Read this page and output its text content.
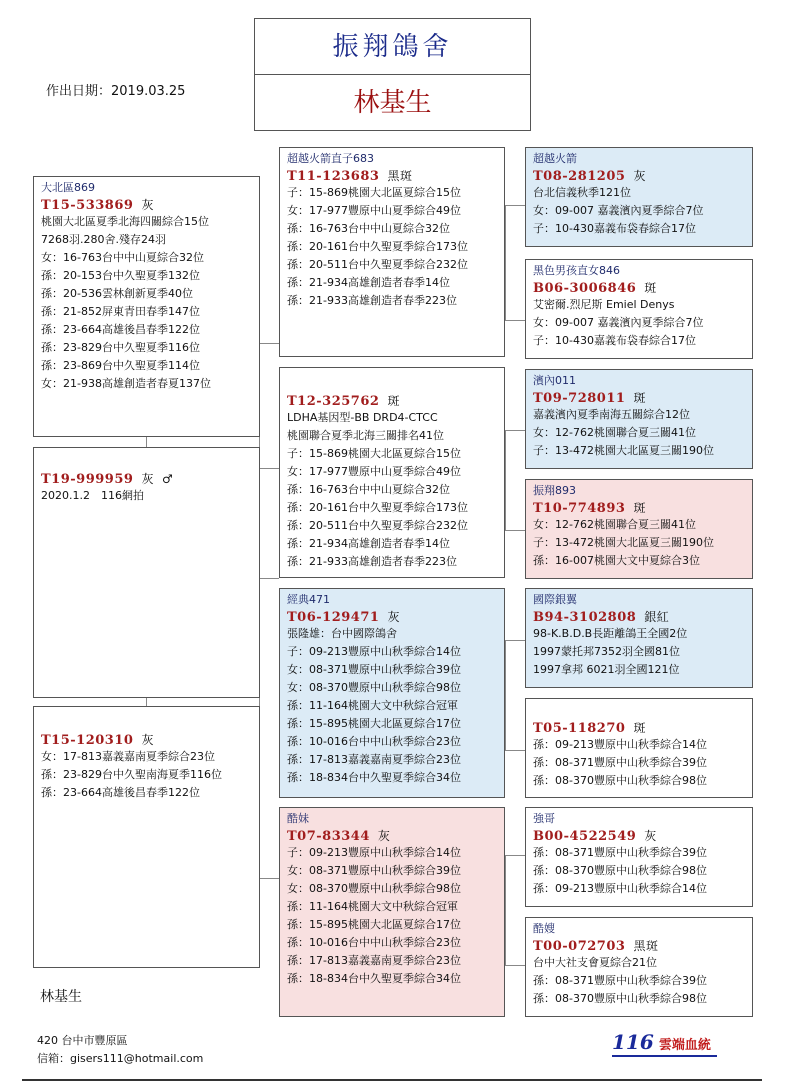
振翔鴿舍
林基生
作出日期：2019.03.25
大北區869
T15-533869 灰
桃園大北區夏季北海四關綜合15位
7268羽.280舍.殘存24羽
女：16-763台中中山夏綜合32位
孫：20-153台中久聖夏季132位
孫：20-536雲林創新夏季40位
孫：21-852屏東青田春季147位
孫：23-664高雄後昌春季122位
孫：23-829台中久聖夏季116位
孫：23-869台中久聖夏季114位
女：21-938高雄創造者春夏137位
T19-999959 灰 ♂
2020.1.2　116網拍
T15-120310 灰
女：17-813嘉義嘉南夏季綜合23位
孫：23-829台中久聖南海夏季116位
孫：23-664高雄後昌春季122位
超越火箭直子683
T11-123683 黑斑
子：15-869桃園大北區夏綜合15位
女：17-977豐原中山夏季綜合49位
孫：16-763台中中山夏綜合32位
孫：20-161台中久聖夏季綜合173位
孫：20-511台中久聖夏季綜合232位
孫：21-934高雄創造者春季14位
孫：21-933高雄創造者春季223位
T12-325762 斑
LDHA基因型-BB DRD4-CTCC
桃園聯合夏季北海三關排名41位
子：15-869桃園大北區夏綜合15位
女：17-977豐原中山夏季綜合49位
孫：16-763台中中山夏綜合32位
孫：20-161台中久聖夏季綜合173位
孫：20-511台中久聖夏季綜合232位
孫：21-934高雄創造者春季14位
孫：21-933高雄創造者春季223位
經典471
T06-129471 灰
張隆雄：台中國際鴿舍
子：09-213豐原中山秋季綜合14位
女：08-371豐原中山秋季綜合39位
女：08-370豐原中山秋季綜合98位
孫：11-164桃園大文中秋綜合冠軍
孫：15-895桃園大北區夏綜合17位
孫：10-016台中中山秋季綜合23位
孫：17-813嘉義嘉南夏季綜合23位
孫：18-834台中久聖夏季綜合34位
酷妹
T07-83344 灰
子：09-213豐原中山秋季綜合14位
女：08-371豐原中山秋季綜合39位
女：08-370豐原中山秋季綜合98位
孫：11-164桃園大文中秋綜合冠軍
孫：15-895桃園大北區夏綜合17位
孫：10-016台中中山秋季綜合23位
孫：17-813嘉義嘉南夏季綜合23位
孫：18-834台中久聖夏季綜合34位
超越火箭
T08-281205 灰
台北信義秋季121位
女：09-007 嘉義濱內夏季綜合7位
子：10-430嘉義布袋春綜合17位
黑色男孩直女846
B06-3006846 斑
艾密爾.烈尼斯 Emiel Denys
女：09-007 嘉義濱內夏季綜合7位
子：10-430嘉義布袋春綜合17位
濱內011
T09-728011 斑
嘉義濱內夏季南海五關綜合12位
女：12-762桃園聯合夏三關41位
子：13-472桃園大北區夏三關190位
振翔893
T10-774893 斑
女：12-762桃園聯合夏三關41位
子：13-472桃園大北區夏三關190位
孫：16-007桃園大文中夏綜合3位
國際銀翼
B94-3102808 銀紅
98-K.B.D.B長距離鴿王全國2位
1997蒙托邦7352羽全國81位
1997拿邦 6021羽全國121位
T05-118270 斑
孫：09-213豐原中山秋季綜合14位
孫：08-371豐原中山秋季綜合39位
孫：08-370豐原中山秋季綜合98位
強哥
B00-4522549 灰
孫：08-371豐原中山秋季綜合39位
孫：08-370豐原中山秋季綜合98位
孫：09-213豐原中山秋季綜合14位
酷嫂
T00-072703 黑斑
台中大社支會夏綜合21位
孫：08-371豐原中山秋季綜合39位
孫：08-370豐原中山秋季綜合98位
林基生
420 台中市豐原區
信箱：gisers111@hotmail.com
116 雲端血統
